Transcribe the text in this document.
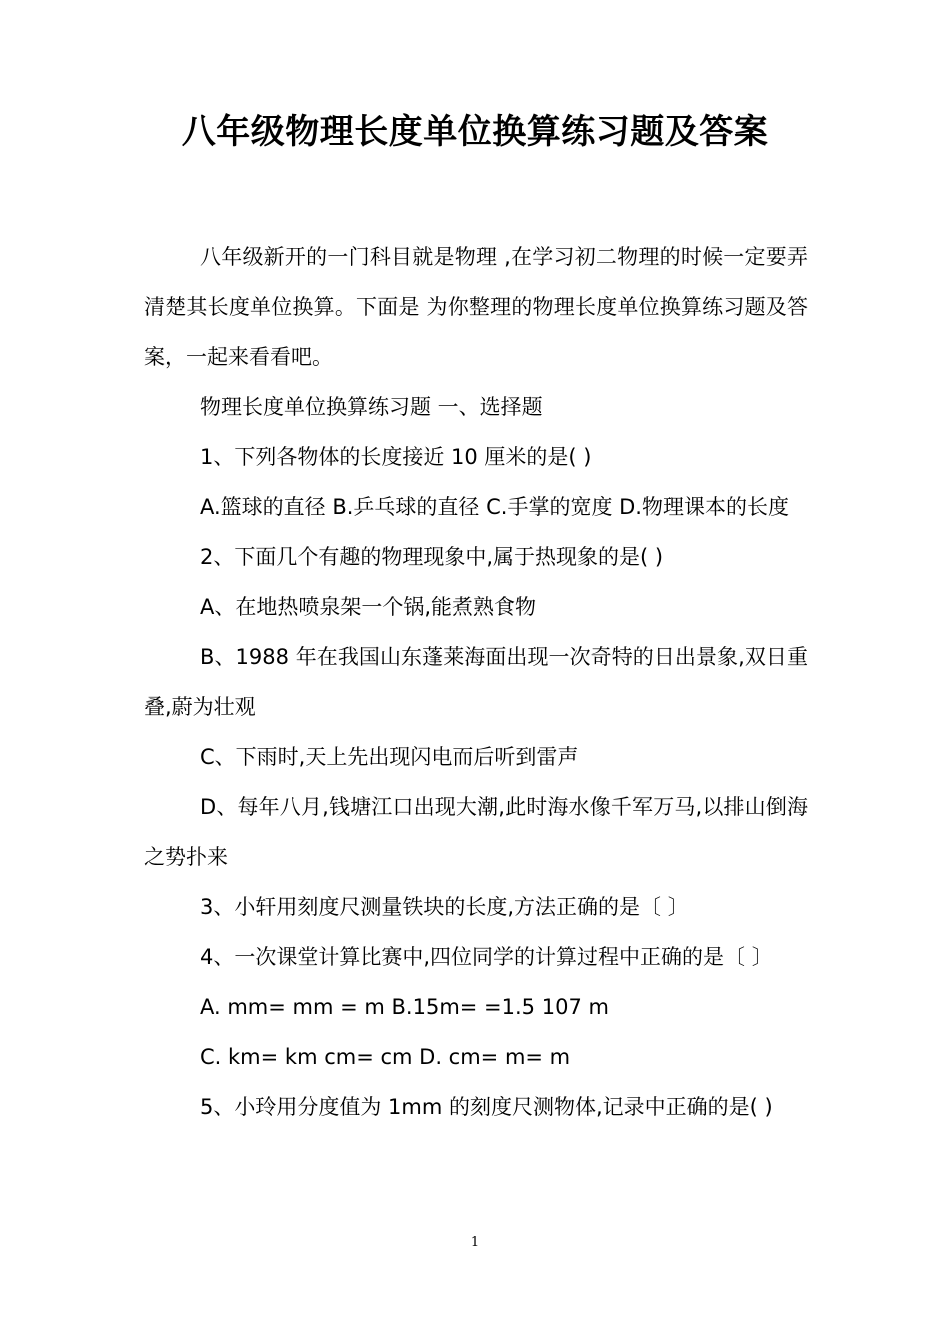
八年级物理长度单位换算练习题及答案

八年级新开的一门科目就是物理 ,在学习初二物理的时候一定要弄清楚其长度单位换算。下面是 为你整理的物理长度单位换算练习题及答案，一起来看看吧。

物理长度单位换算练习题 一、选择题

1、下列各物体的长度接近 10 厘米的是( )

A.篮球的直径 B.乒乓球的直径 C.手掌的宽度 D.物理课本的长度

2、下面几个有趣的物理现象中,属于热现象的是( )

A、在地热喷泉架一个锅,能煮熟食物

B、1988 年在我国山东蓬莱海面出现一次奇特的日出景象,双日重叠,蔚为壮观

C、下雨时,天上先出现闪电而后听到雷声

D、每年八月,钱塘江口出现大潮,此时海水像千军万马,以排山倒海之势扑来

3、小轩用刻度尺测量铁块的长度,方法正确的是〔 〕

4、一次课堂计算比赛中,四位同学的计算过程中正确的是〔 〕

A. mm= mm = m B.15m= =1.5 107 m

C. km= km cm= cm D. cm= m= m

5、小玲用分度值为 1mm 的刻度尺测物体,记录中正确的是( )

1
